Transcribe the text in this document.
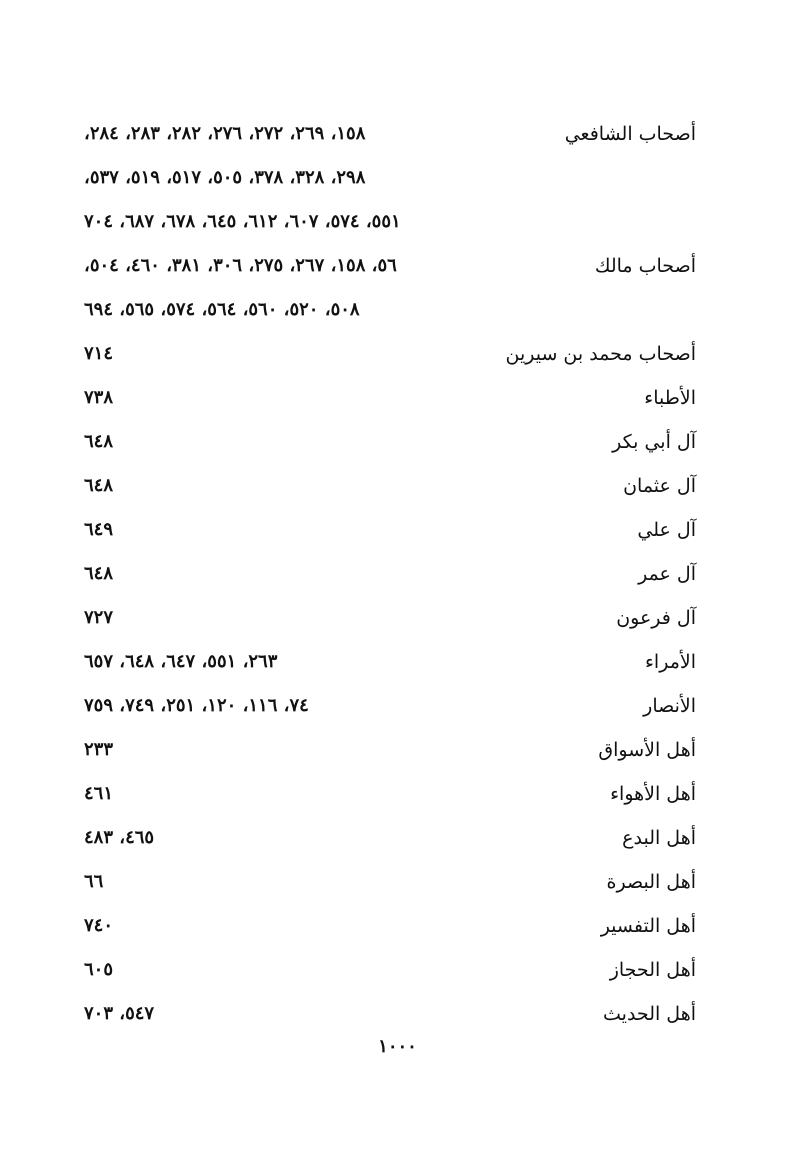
أصحاب الشافعي
١٥٨، ٢٦٩، ٢٧٢، ٢٧٦، ٢٨٢، ٢٨٣، ٢٨٤،
٢٩٨، ٣٢٨، ٣٧٨، ٥٠٥، ٥١٧، ٥١٩، ٥٣٧،
٥٥١، ٥٧٤، ٦٠٧، ٦١٢، ٦٤٥، ٦٧٨، ٦٨٧، ٧٠٤
أصحاب مالك
٥٦، ١٥٨، ٢٦٧، ٢٧٥، ٣٠٦، ٣٨١، ٤٦٠، ٥٠٤،
٥٠٨، ٥٢٠، ٥٦٠، ٥٦٤، ٥٧٤، ٥٦٥، ٦٩٤
أصحاب محمد بن سيرين
٧١٤
الأطباء
٧٣٨
آل أبي بكر
٦٤٨
آل عثمان
٦٤٨
آل علي
٦٤٩
آل عمر
٦٤٨
آل فرعون
٧٢٧
الأمراء
٢٦٣، ٥٥١، ٦٤٧، ٦٤٨، ٦٥٧
الأنصار
٧٤، ١١٦، ١٢٠، ٢٥١، ٧٤٩، ٧٥٩
أهل الأسواق
٢٣٣
أهل الأهواء
٤٦١
أهل البدع
٤٦٥، ٤٨٣
أهل البصرة
٦٦
أهل التفسير
٧٤٠
أهل الحجاز
٦٠٥
أهل الحديث
٥٤٧، ٧٠٣
١٠٠٠
